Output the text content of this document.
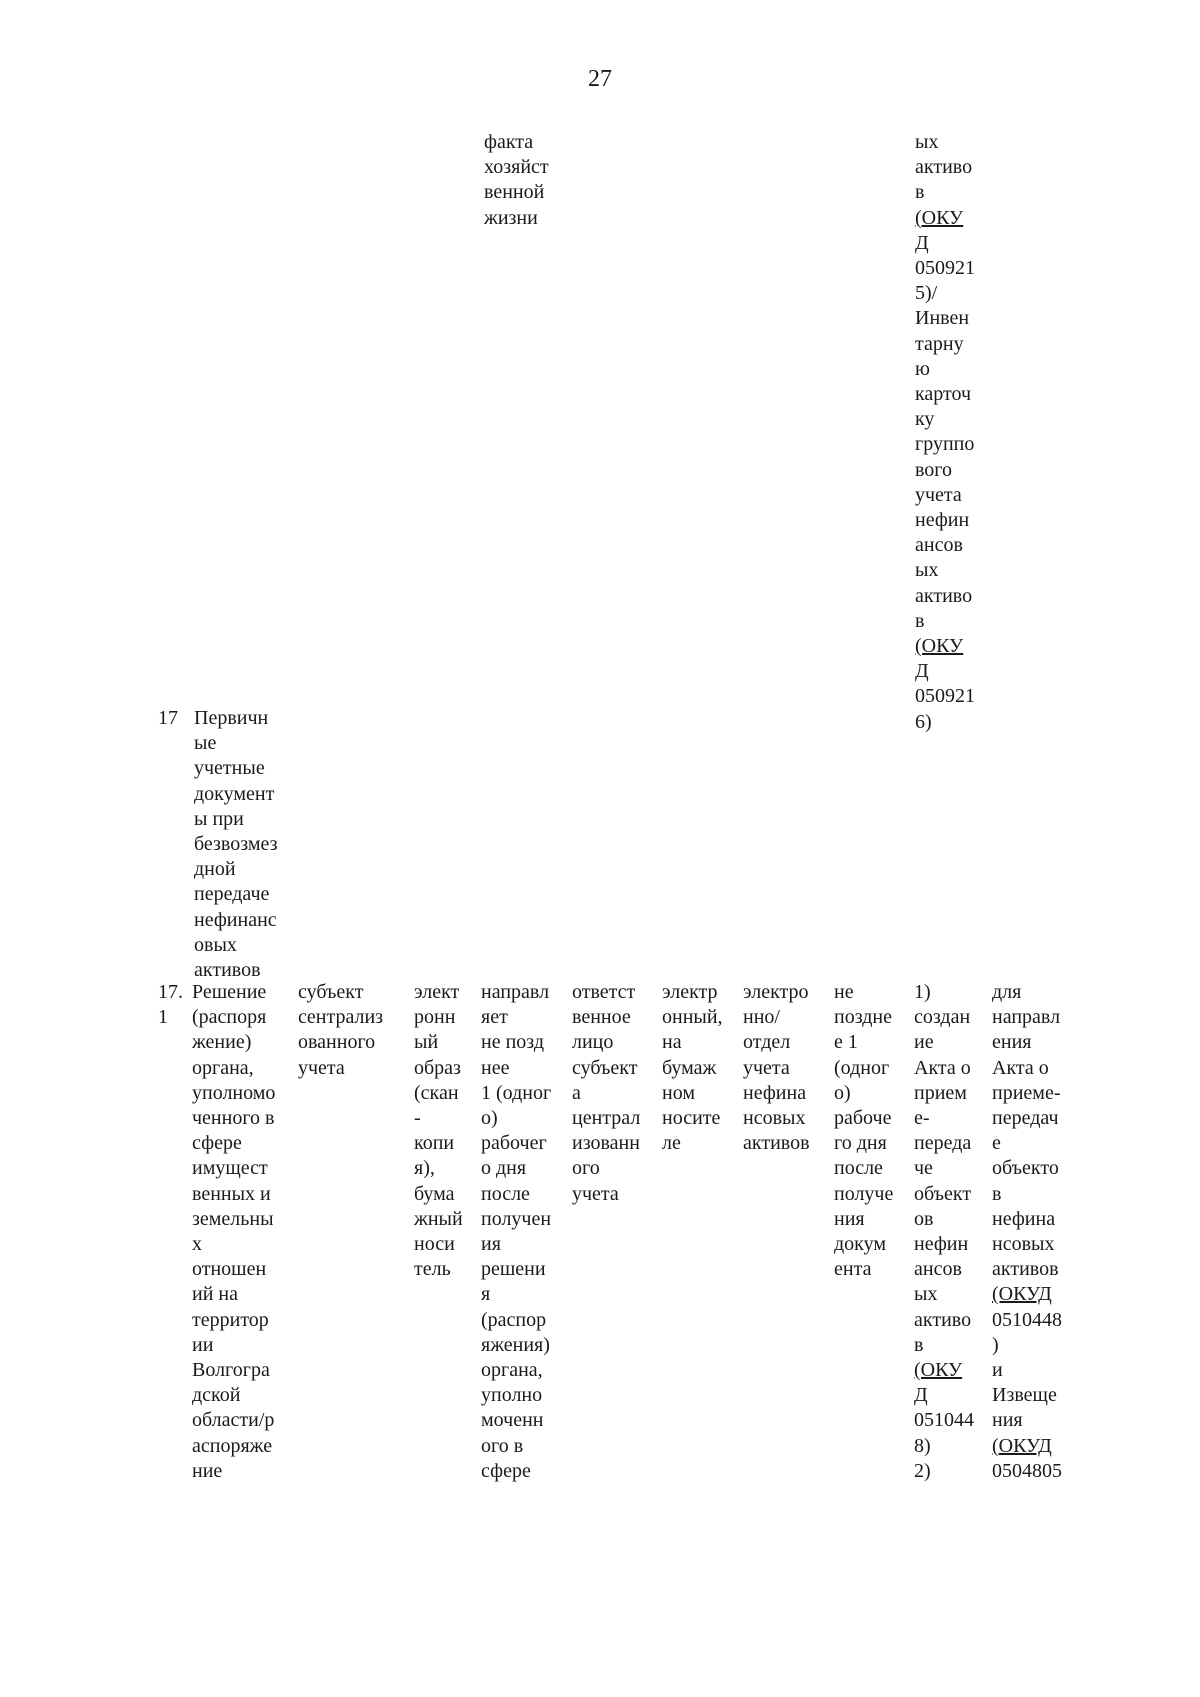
27
факта
хозяйст
венной
жизни
ых
активо
в
(ОКУ
Д
050921
5)/
Инвен
тарну
ю
карточ
ку
группо
вого
учета
нефин
ансов
ых
активо
в
(ОКУ
Д
050921
6)
17 Первичн
ые
учетные
документ
ы при
безвозмез
дной
передаче
нефинанс
овых
активов
17.
1
Решение
(распоря
жение)
органа,
уполномо
ченного в
сфере
имущест
венных и
земельны
х
отношен
ий на
территор
ии
Волгогра
дской
области/р
аспоряже
ние
субъект
cентрализ
ованного
учета
элект
ронн
ый
образ
(скан
-
копи
я),
бума
жный
носи
тель
направл
яет
не позд
нее
1 (одног
о)
рабочег
о дня
после
получен
ия
решени
я
(распор
яжения)
органа,
уполно
моченн
ого в
сфере
ответст
венное
лицо
субъект
а
централ
изованн
ого
учета
электр
онный,
на
бумаж
ном
носите
ле
электро
нно/
отдел
учета
нефина
нсовых
активов
не
поздне
е 1
(одног
о)
рабоче
го дня
после
получе
ния
докум
ента
1)
создан
ие
Акта о
прием
е-
переда
че
объект
ов
нефин
ансов
ых
активо
в
(ОКУ
Д
051044
8)
2)
для
направл
ения
Акта о
приеме-
передач
е
объекто
в
нефина
нсовых
активов
(ОКУД
0510448
)
и
Извеще
ния
(ОКУД
0504805
